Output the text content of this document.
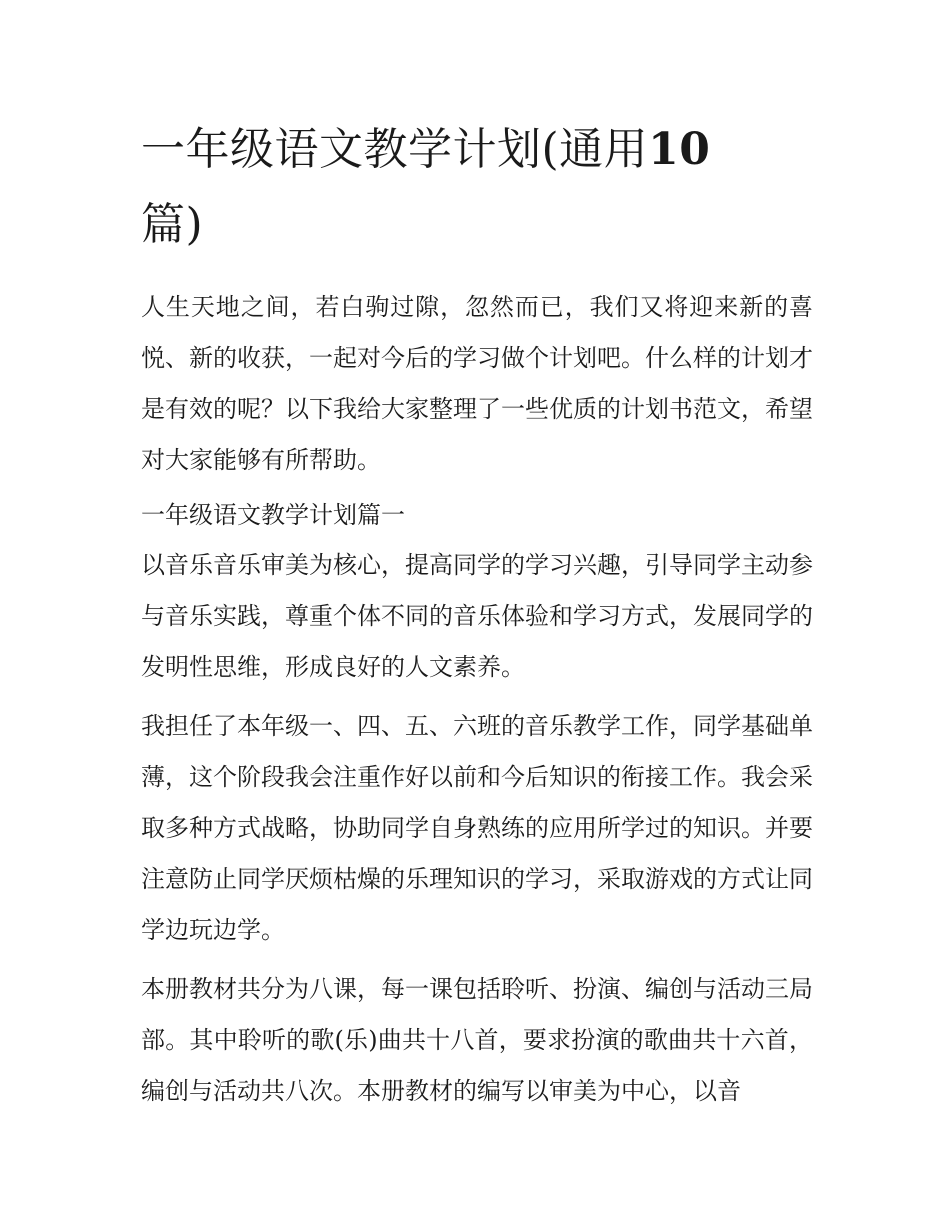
一年级语文教学计划(通用10
篇)

人生天地之间，若白驹过隙，忽然而已，我们又将迎来新的喜悦、新的收获，一起对今后的学习做个计划吧。什么样的计划才是有效的呢？以下我给大家整理了一些优质的计划书范文，希望对大家能够有所帮助。

一年级语文教学计划篇一

以音乐音乐审美为核心，提高同学的学习兴趣，引导同学主动参与音乐实践，尊重个体不同的音乐体验和学习方式，发展同学的发明性思维，形成良好的人文素养。

我担任了本年级一、四、五、六班的音乐教学工作，同学基础单薄，这个阶段我会注重作好以前和今后知识的衔接工作。我会采取多种方式战略，协助同学自身熟练的应用所学过的知识。并要注意防止同学厌烦枯燥的乐理知识的学习，采取游戏的方式让同学边玩边学。

本册教材共分为八课，每一课包括聆听、扮演、编创与活动三局部。其中聆听的歌(乐)曲共十八首，要求扮演的歌曲共十六首，编创与活动共八次。本册教材的编写以审美为中心，以音
